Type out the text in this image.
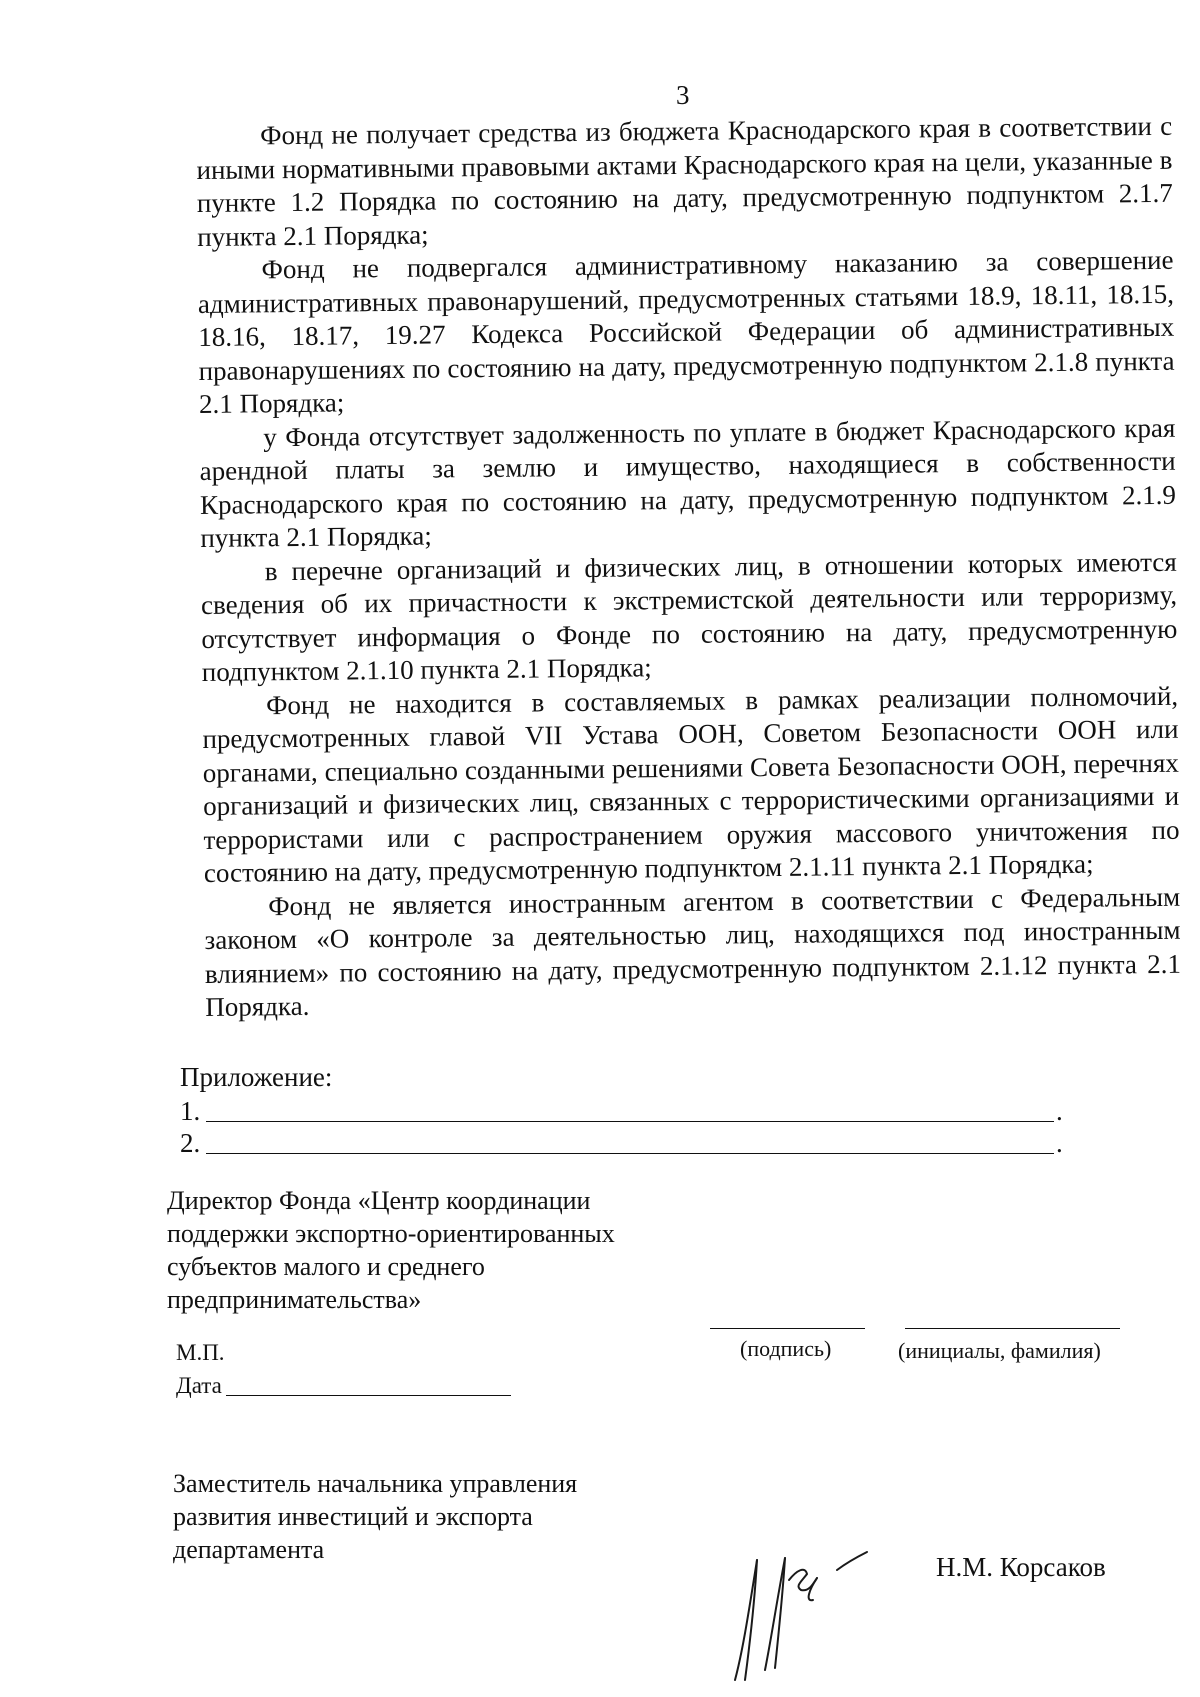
3

Фонд не получает средства из бюджета Краснодарского края в соответствии с иными нормативными правовыми актами Краснодарского края на цели, указанные в пункте 1.2 Порядка по состоянию на дату, предусмотренную подпунктом 2.1.7 пункта 2.1 Порядка;

Фонд не подвергался административному наказанию за совершение административных правонарушений, предусмотренных статьями 18.9, 18.11, 18.15, 18.16, 18.17, 19.27 Кодекса Российской Федерации об административных правонарушениях по состоянию на дату, предусмотренную подпунктом 2.1.8 пункта 2.1 Порядка;

у Фонда отсутствует задолженность по уплате в бюджет Краснодарского края арендной платы за землю и имущество, находящиеся в собственности Краснодарского края по состоянию на дату, предусмотренную подпунктом 2.1.9 пункта 2.1 Порядка;

в перечне организаций и физических лиц, в отношении которых имеются сведения об их причастности к экстремистской деятельности или терроризму, отсутствует информация о Фонде по состоянию на дату, предусмотренную подпунктом 2.1.10 пункта 2.1 Порядка;

Фонд не находится в составляемых в рамках реализации полномочий, предусмотренных главой VII Устава ООН, Советом Безопасности ООН или органами, специально созданными решениями Совета Безопасности ООН, перечнях организаций и физических лиц, связанных с террористическими организациями и террористами или с распространением оружия массового уничтожения по состоянию на дату, предусмотренную подпунктом 2.1.11 пункта 2.1 Порядка;

Фонд не является иностранным агентом в соответствии с Федеральным законом «О контроле за деятельностью лиц, находящихся под иностранным влиянием» по состоянию на дату, предусмотренную подпунктом 2.1.12 пункта 2.1 Порядка.

Приложение:
1.	.
2.	.
Директор Фонда «Центр координации поддержки экспортно-ориентированных субъектов малого и среднего предпринимательства»
(подпись)	(инициалы, фамилия)
М.П.
Дата
Заместитель начальника управления развития инвестиций и экспорта департамента
Н.М. Корсаков
